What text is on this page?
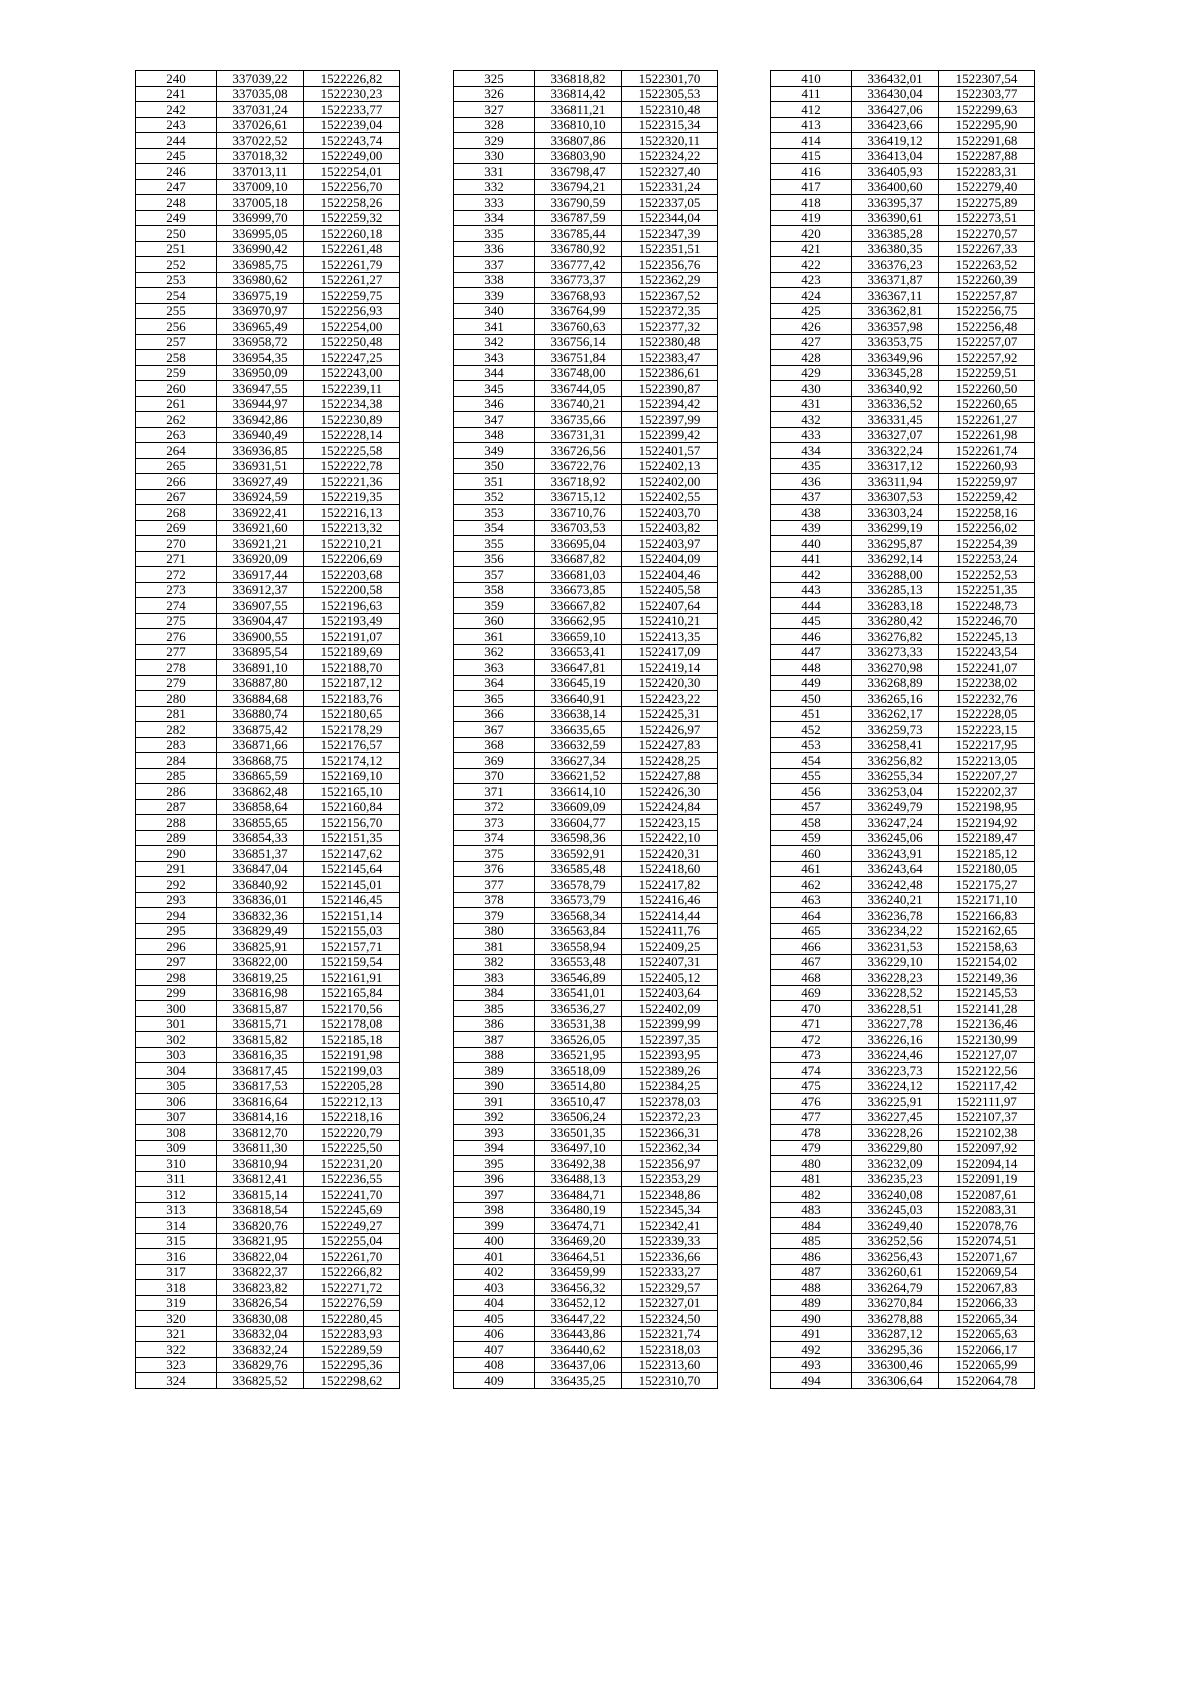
240	337039,22	1522226,82
241	337035,08	1522230,23
242	337031,24	1522233,77
243	337026,61	1522239,04
244	337022,52	1522243,74
245	337018,32	1522249,00
246	337013,11	1522254,01
247	337009,10	1522256,70
248	337005,18	1522258,26
249	336999,70	1522259,32
250	336995,05	1522260,18
251	336990,42	1522261,48
252	336985,75	1522261,79
253	336980,62	1522261,27
254	336975,19	1522259,75
255	336970,97	1522256,93
256	336965,49	1522254,00
257	336958,72	1522250,48
258	336954,35	1522247,25
259	336950,09	1522243,00
260	336947,55	1522239,11
261	336944,97	1522234,38
262	336942,86	1522230,89
263	336940,49	1522228,14
264	336936,85	1522225,58
265	336931,51	1522222,78
266	336927,49	1522221,36
267	336924,59	1522219,35
268	336922,41	1522216,13
269	336921,60	1522213,32
270	336921,21	1522210,21
271	336920,09	1522206,69
272	336917,44	1522203,68
273	336912,37	1522200,58
274	336907,55	1522196,63
275	336904,47	1522193,49
276	336900,55	1522191,07
277	336895,54	1522189,69
278	336891,10	1522188,70
279	336887,80	1522187,12
280	336884,68	1522183,76
281	336880,74	1522180,65
282	336875,42	1522178,29
283	336871,66	1522176,57
284	336868,75	1522174,12
285	336865,59	1522169,10
286	336862,48	1522165,10
287	336858,64	1522160,84
288	336855,65	1522156,70
289	336854,33	1522151,35
290	336851,37	1522147,62
291	336847,04	1522145,64
292	336840,92	1522145,01
293	336836,01	1522146,45
294	336832,36	1522151,14
295	336829,49	1522155,03
296	336825,91	1522157,71
297	336822,00	1522159,54
298	336819,25	1522161,91
299	336816,98	1522165,84
300	336815,87	1522170,56
301	336815,71	1522178,08
302	336815,82	1522185,18
303	336816,35	1522191,98
304	336817,45	1522199,03
305	336817,53	1522205,28
306	336816,64	1522212,13
307	336814,16	1522218,16
308	336812,70	1522220,79
309	336811,30	1522225,50
310	336810,94	1522231,20
311	336812,41	1522236,55
312	336815,14	1522241,70
313	336818,54	1522245,69
314	336820,76	1522249,27
315	336821,95	1522255,04
316	336822,04	1522261,70
317	336822,37	1522266,82
318	336823,82	1522271,72
319	336826,54	1522276,59
320	336830,08	1522280,45
321	336832,04	1522283,93
322	336832,24	1522289,59
323	336829,76	1522295,36
324	336825,52	1522298,62
325	336818,82	1522301,70
326	336814,42	1522305,53
327	336811,21	1522310,48
328	336810,10	1522315,34
329	336807,86	1522320,11
330	336803,90	1522324,22
331	336798,47	1522327,40
332	336794,21	1522331,24
333	336790,59	1522337,05
334	336787,59	1522344,04
335	336785,44	1522347,39
336	336780,92	1522351,51
337	336777,42	1522356,76
338	336773,37	1522362,29
339	336768,93	1522367,52
340	336764,99	1522372,35
341	336760,63	1522377,32
342	336756,14	1522380,48
343	336751,84	1522383,47
344	336748,00	1522386,61
345	336744,05	1522390,87
346	336740,21	1522394,42
347	336735,66	1522397,99
348	336731,31	1522399,42
349	336726,56	1522401,57
350	336722,76	1522402,13
351	336718,92	1522402,00
352	336715,12	1522402,55
353	336710,76	1522403,70
354	336703,53	1522403,82
355	336695,04	1522403,97
356	336687,82	1522404,09
357	336681,03	1522404,46
358	336673,85	1522405,58
359	336667,82	1522407,64
360	336662,95	1522410,21
361	336659,10	1522413,35
362	336653,41	1522417,09
363	336647,81	1522419,14
364	336645,19	1522420,30
365	336640,91	1522423,22
366	336638,14	1522425,31
367	336635,65	1522426,97
368	336632,59	1522427,83
369	336627,34	1522428,25
370	336621,52	1522427,88
371	336614,10	1522426,30
372	336609,09	1522424,84
373	336604,77	1522423,15
374	336598,36	1522422,10
375	336592,91	1522420,31
376	336585,48	1522418,60
377	336578,79	1522417,82
378	336573,79	1522416,46
379	336568,34	1522414,44
380	336563,84	1522411,76
381	336558,94	1522409,25
382	336553,48	1522407,31
383	336546,89	1522405,12
384	336541,01	1522403,64
385	336536,27	1522402,09
386	336531,38	1522399,99
387	336526,05	1522397,35
388	336521,95	1522393,95
389	336518,09	1522389,26
390	336514,80	1522384,25
391	336510,47	1522378,03
392	336506,24	1522372,23
393	336501,35	1522366,31
394	336497,10	1522362,34
395	336492,38	1522356,97
396	336488,13	1522353,29
397	336484,71	1522348,86
398	336480,19	1522345,34
399	336474,71	1522342,41
400	336469,20	1522339,33
401	336464,51	1522336,66
402	336459,99	1522333,27
403	336456,32	1522329,57
404	336452,12	1522327,01
405	336447,22	1522324,50
406	336443,86	1522321,74
407	336440,62	1522318,03
408	336437,06	1522313,60
409	336435,25	1522310,70
410	336432,01	1522307,54
411	336430,04	1522303,77
412	336427,06	1522299,63
413	336423,66	1522295,90
414	336419,12	1522291,68
415	336413,04	1522287,88
416	336405,93	1522283,31
417	336400,60	1522279,40
418	336395,37	1522275,89
419	336390,61	1522273,51
420	336385,28	1522270,57
421	336380,35	1522267,33
422	336376,23	1522263,52
423	336371,87	1522260,39
424	336367,11	1522257,87
425	336362,81	1522256,75
426	336357,98	1522256,48
427	336353,75	1522257,07
428	336349,96	1522257,92
429	336345,28	1522259,51
430	336340,92	1522260,50
431	336336,52	1522260,65
432	336331,45	1522261,27
433	336327,07	1522261,98
434	336322,24	1522261,74
435	336317,12	1522260,93
436	336311,94	1522259,97
437	336307,53	1522259,42
438	336303,24	1522258,16
439	336299,19	1522256,02
440	336295,87	1522254,39
441	336292,14	1522253,24
442	336288,00	1522252,53
443	336285,13	1522251,35
444	336283,18	1522248,73
445	336280,42	1522246,70
446	336276,82	1522245,13
447	336273,33	1522243,54
448	336270,98	1522241,07
449	336268,89	1522238,02
450	336265,16	1522232,76
451	336262,17	1522228,05
452	336259,73	1522223,15
453	336258,41	1522217,95
454	336256,82	1522213,05
455	336255,34	1522207,27
456	336253,04	1522202,37
457	336249,79	1522198,95
458	336247,24	1522194,92
459	336245,06	1522189,47
460	336243,91	1522185,12
461	336243,64	1522180,05
462	336242,48	1522175,27
463	336240,21	1522171,10
464	336236,78	1522166,83
465	336234,22	1522162,65
466	336231,53	1522158,63
467	336229,10	1522154,02
468	336228,23	1522149,36
469	336228,52	1522145,53
470	336228,51	1522141,28
471	336227,78	1522136,46
472	336226,16	1522130,99
473	336224,46	1522127,07
474	336223,73	1522122,56
475	336224,12	1522117,42
476	336225,91	1522111,97
477	336227,45	1522107,37
478	336228,26	1522102,38
479	336229,80	1522097,92
480	336232,09	1522094,14
481	336235,23	1522091,19
482	336240,08	1522087,61
483	336245,03	1522083,31
484	336249,40	1522078,76
485	336252,56	1522074,51
486	336256,43	1522071,67
487	336260,61	1522069,54
488	336264,79	1522067,83
489	336270,84	1522066,33
490	336278,88	1522065,34
491	336287,12	1522065,63
492	336295,36	1522066,17
493	336300,46	1522065,99
494	336306,64	1522064,78
